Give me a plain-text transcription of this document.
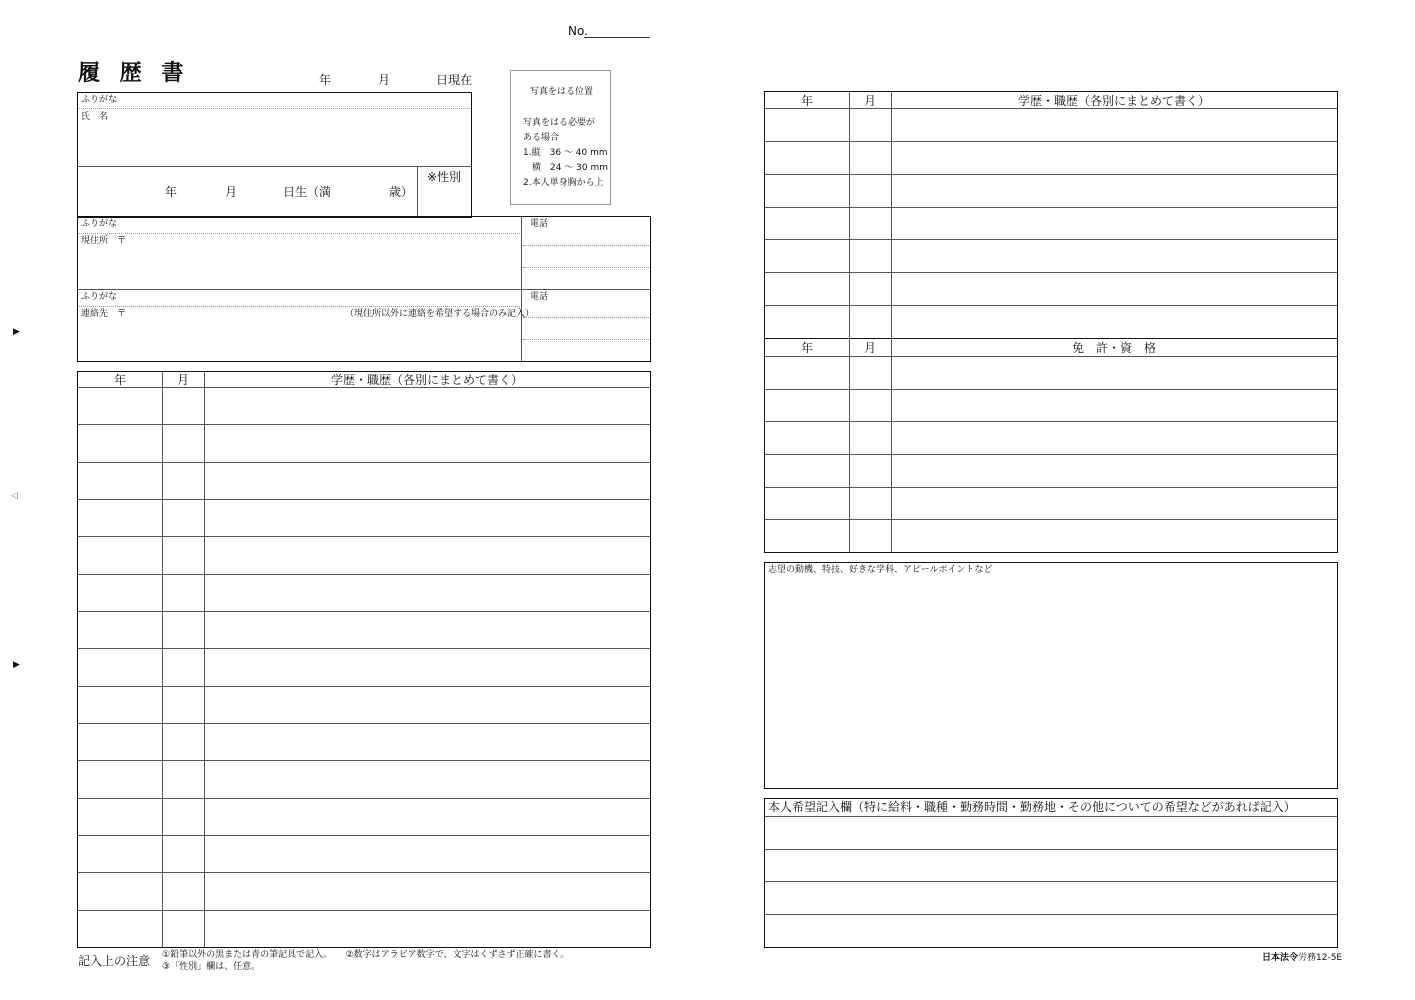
▶
◁
▶
No.
履 歴 書	年	月	日現在
写真をはる位置
写真をはる必要が
ある場合
1.縦　36 ～ 40 mm
　横　24 ～ 30 mm
2.本人単身胸から上
ふりがな
氏　名
年	月	日生（満	歳）
※性別
ふりがな
現住所　〒
電話
ふりがな
連絡先　〒	（現住所以外に連絡を希望する場合のみ記入）
電話
年	月	学歴・職歴（各別にまとめて書く）
年	月	学歴・職歴（各別にまとめて書く）
年	月	免　許・資　格
志望の動機、特技、好きな学科、アピールポイントなど
本人希望記入欄（特に給料・職種・勤務時間・勤務地・その他についての希望などがあれば記入）
記入上の注意 ①鉛筆以外の黒または青の筆記具で記入。　　②数字はアラビア数字で、文字はくずさず正確に書く。
③「性別」欄は、任意。
日本法令 労務12-5E
